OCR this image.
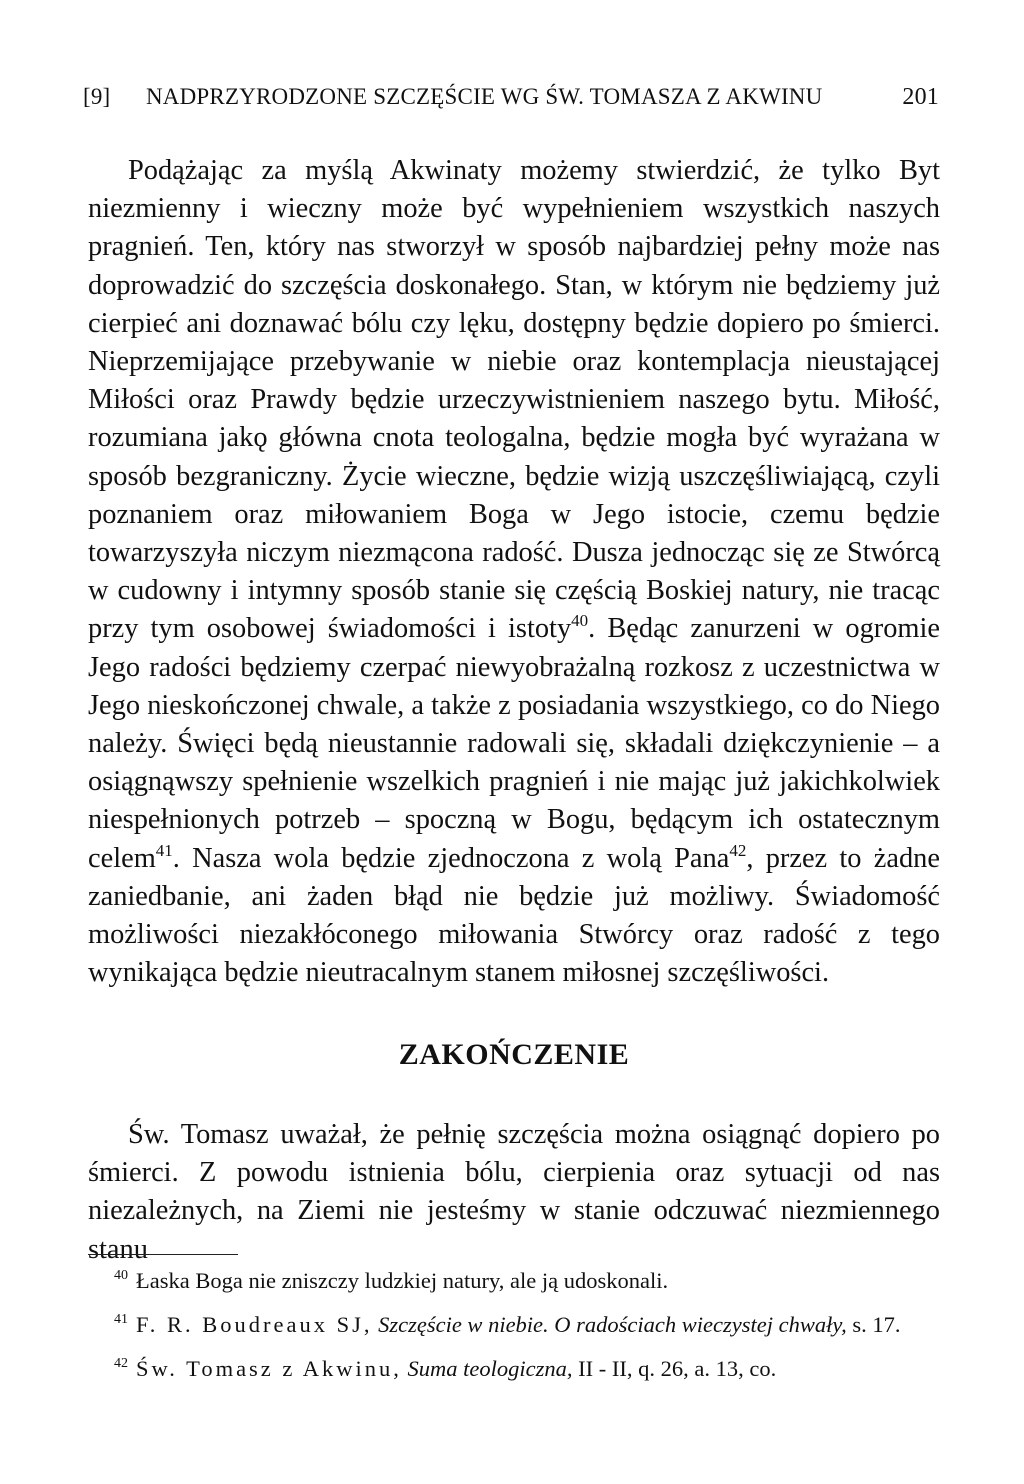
[9]	NADPRZYRODZONE SZCZĘŚCIE WG ŚW. TOMASZA Z AKWINU	201

Podążając za myślą Akwinaty możemy stwierdzić, że tylko Byt niezmienny i wieczny może być wypełnieniem wszystkich naszych pragnień. Ten, który nas stworzył w sposób najbardziej pełny może nas doprowadzić do szczęścia doskonałego. Stan, w którym nie będziemy już cierpieć ani doznawać bólu czy lęku, dostępny będzie dopiero po śmierci. Nieprzemijające przebywanie w niebie oraz kontemplacja nieustającej Miłości oraz Prawdy będzie urzeczywistnieniem naszego bytu. Miłość, rozumiana jakǫ główna cnota teologalna, będzie mogła być wyrażana w sposób bezgraniczny. Życie wieczne, będzie wizją uszczęśliwiającą, czyli poznaniem oraz miłowaniem Boga w Jego istocie, czemu będzie towarzyszyła niczym niezmącona radość. Dusza jednocząc się ze Stwórcą w cudowny i intymny sposób stanie się częścią Boskiej natury, nie tracąc przy tym osobowej świadomości i istoty$^{40}$. Będąc zanurzeni w ogromie Jego radości będziemy czerpać niewyobrażalną rozkosz z uczestnictwa w Jego nieskończonej chwale, a także z posiadania wszystkiego, co do Niego należy. Święci będą nieustannie radowali się, składali dziękczynienie – a osiągnąwszy spełnienie wszelkich pragnień i nie mając już jakichkolwiek niespełnionych potrzeb – spoczną w Bogu, będącym ich ostatecznym celem$^{41}$. Nasza wola będzie zjednoczona z wolą Pana$^{42}$, przez to żadne zaniedbanie, ani żaden błąd nie będzie już możliwy. Świadomość możliwości niezakłóconego miłowania Stwórcy oraz radość z tego wynikająca będzie nieutracalnym stanem miłosnej szczęśliwości.

ZAKOŃCZENIE

Św. Tomasz uważał, że pełnię szczęścia można osiągnąć dopiero po śmierci. Z powodu istnienia bólu, cierpienia oraz sytuacji od nas niezależnych, na Ziemi nie jesteśmy w stanie odczuwać niezmiennego stanu

$^{40}$ Łaska Boga nie zniszczy ludzkiej natury, ale ją udoskonali.

$^{41}$ F. R. Boudreaux SJ, Szczęście w niebie. O radościach wieczystej chwały, s. 17.

$^{42}$ Św. Tomasz z Akwinu, Suma teologiczna, II - II, q. 26, a. 13, co.
